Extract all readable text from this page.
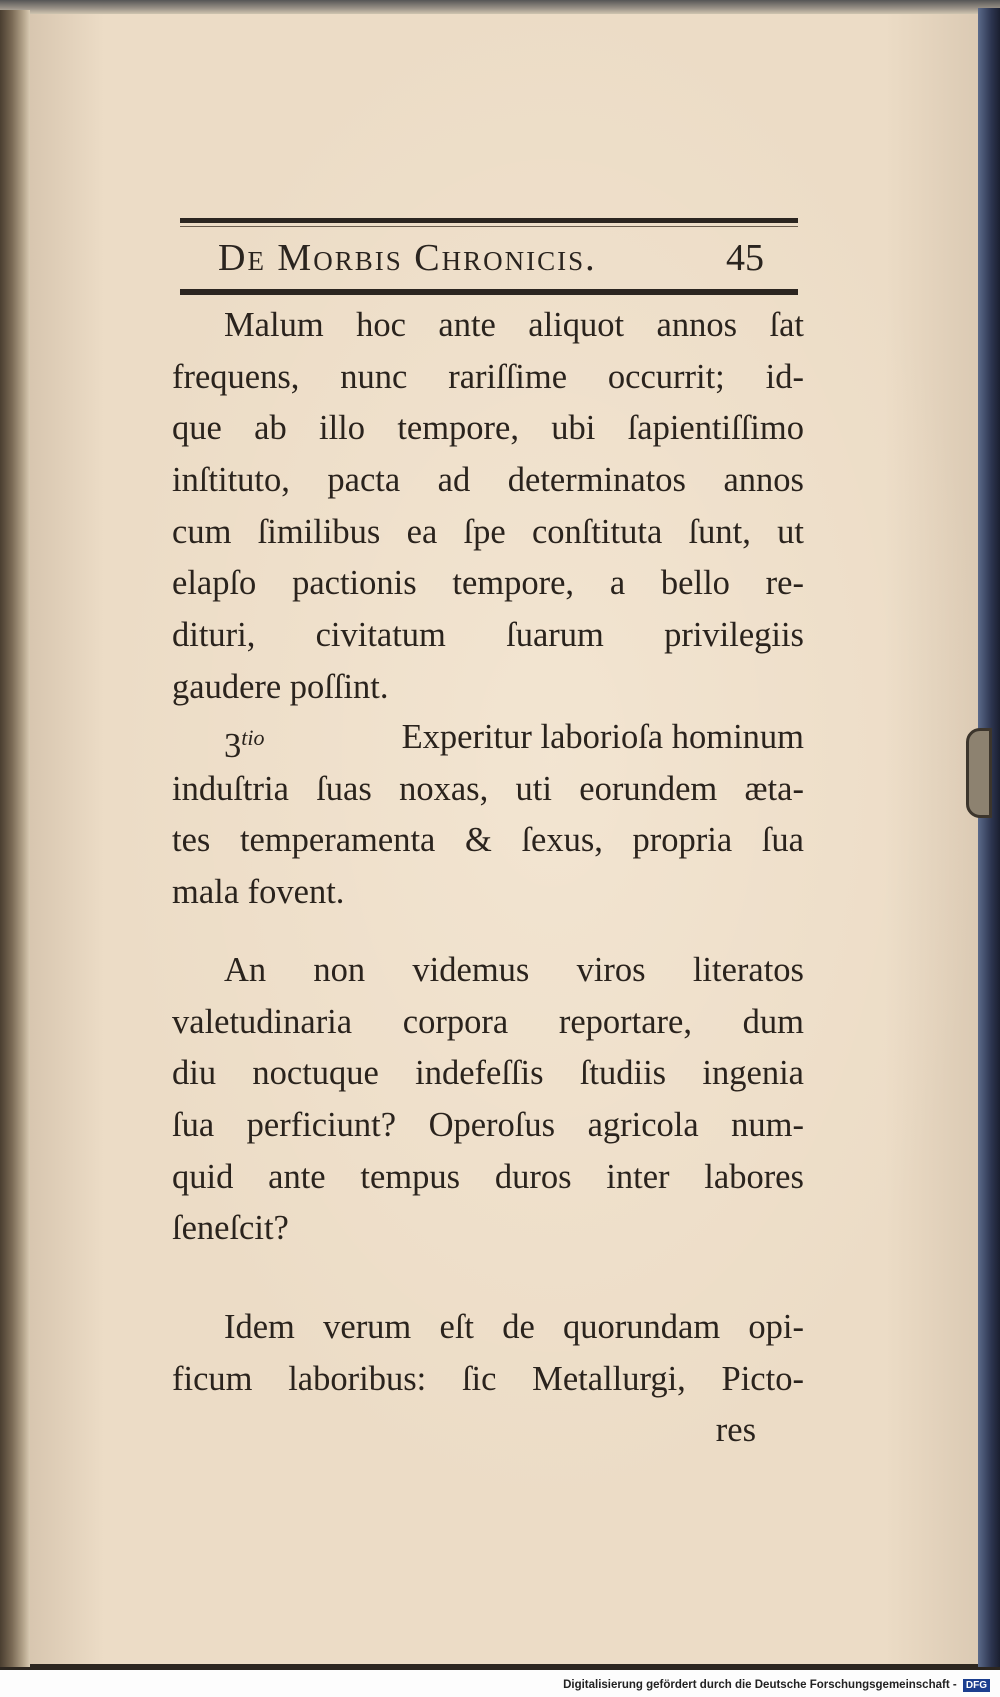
De Morbis Chronicis.	45
Malum hoc ante aliquot annos ſat
frequens, nunc rariſſime occurrit; id-
que ab illo tempore, ubi ſapientiſſimo
inſtituto, pacta ad determinatos annos
cum ſimilibus ea ſpe conſtituta ſunt, ut
elapſo pactionis tempore, a bello re-
dituri, civitatum ſuarum privilegiis
gaudere poſſint.
$3^{tio}$	Experitur laborioſa hominum
induſtria ſuas noxas, uti eorundem æta-
tes temperamenta & ſexus, propria ſua
mala fovent.
An non videmus viros literatos
valetudinaria corpora reportare, dum
diu noctuque indefeſſis ſtudiis ingenia
ſua perficiunt? Operoſus agricola num-
quid ante tempus duros inter labores
ſeneſcit?
Idem verum eſt de quorundam opi-
ficum laboribus: ſic Metallurgi, Picto-
res
Digitalisierung gefördert durch die Deutsche Forschungsgemeinschaft - DFG
